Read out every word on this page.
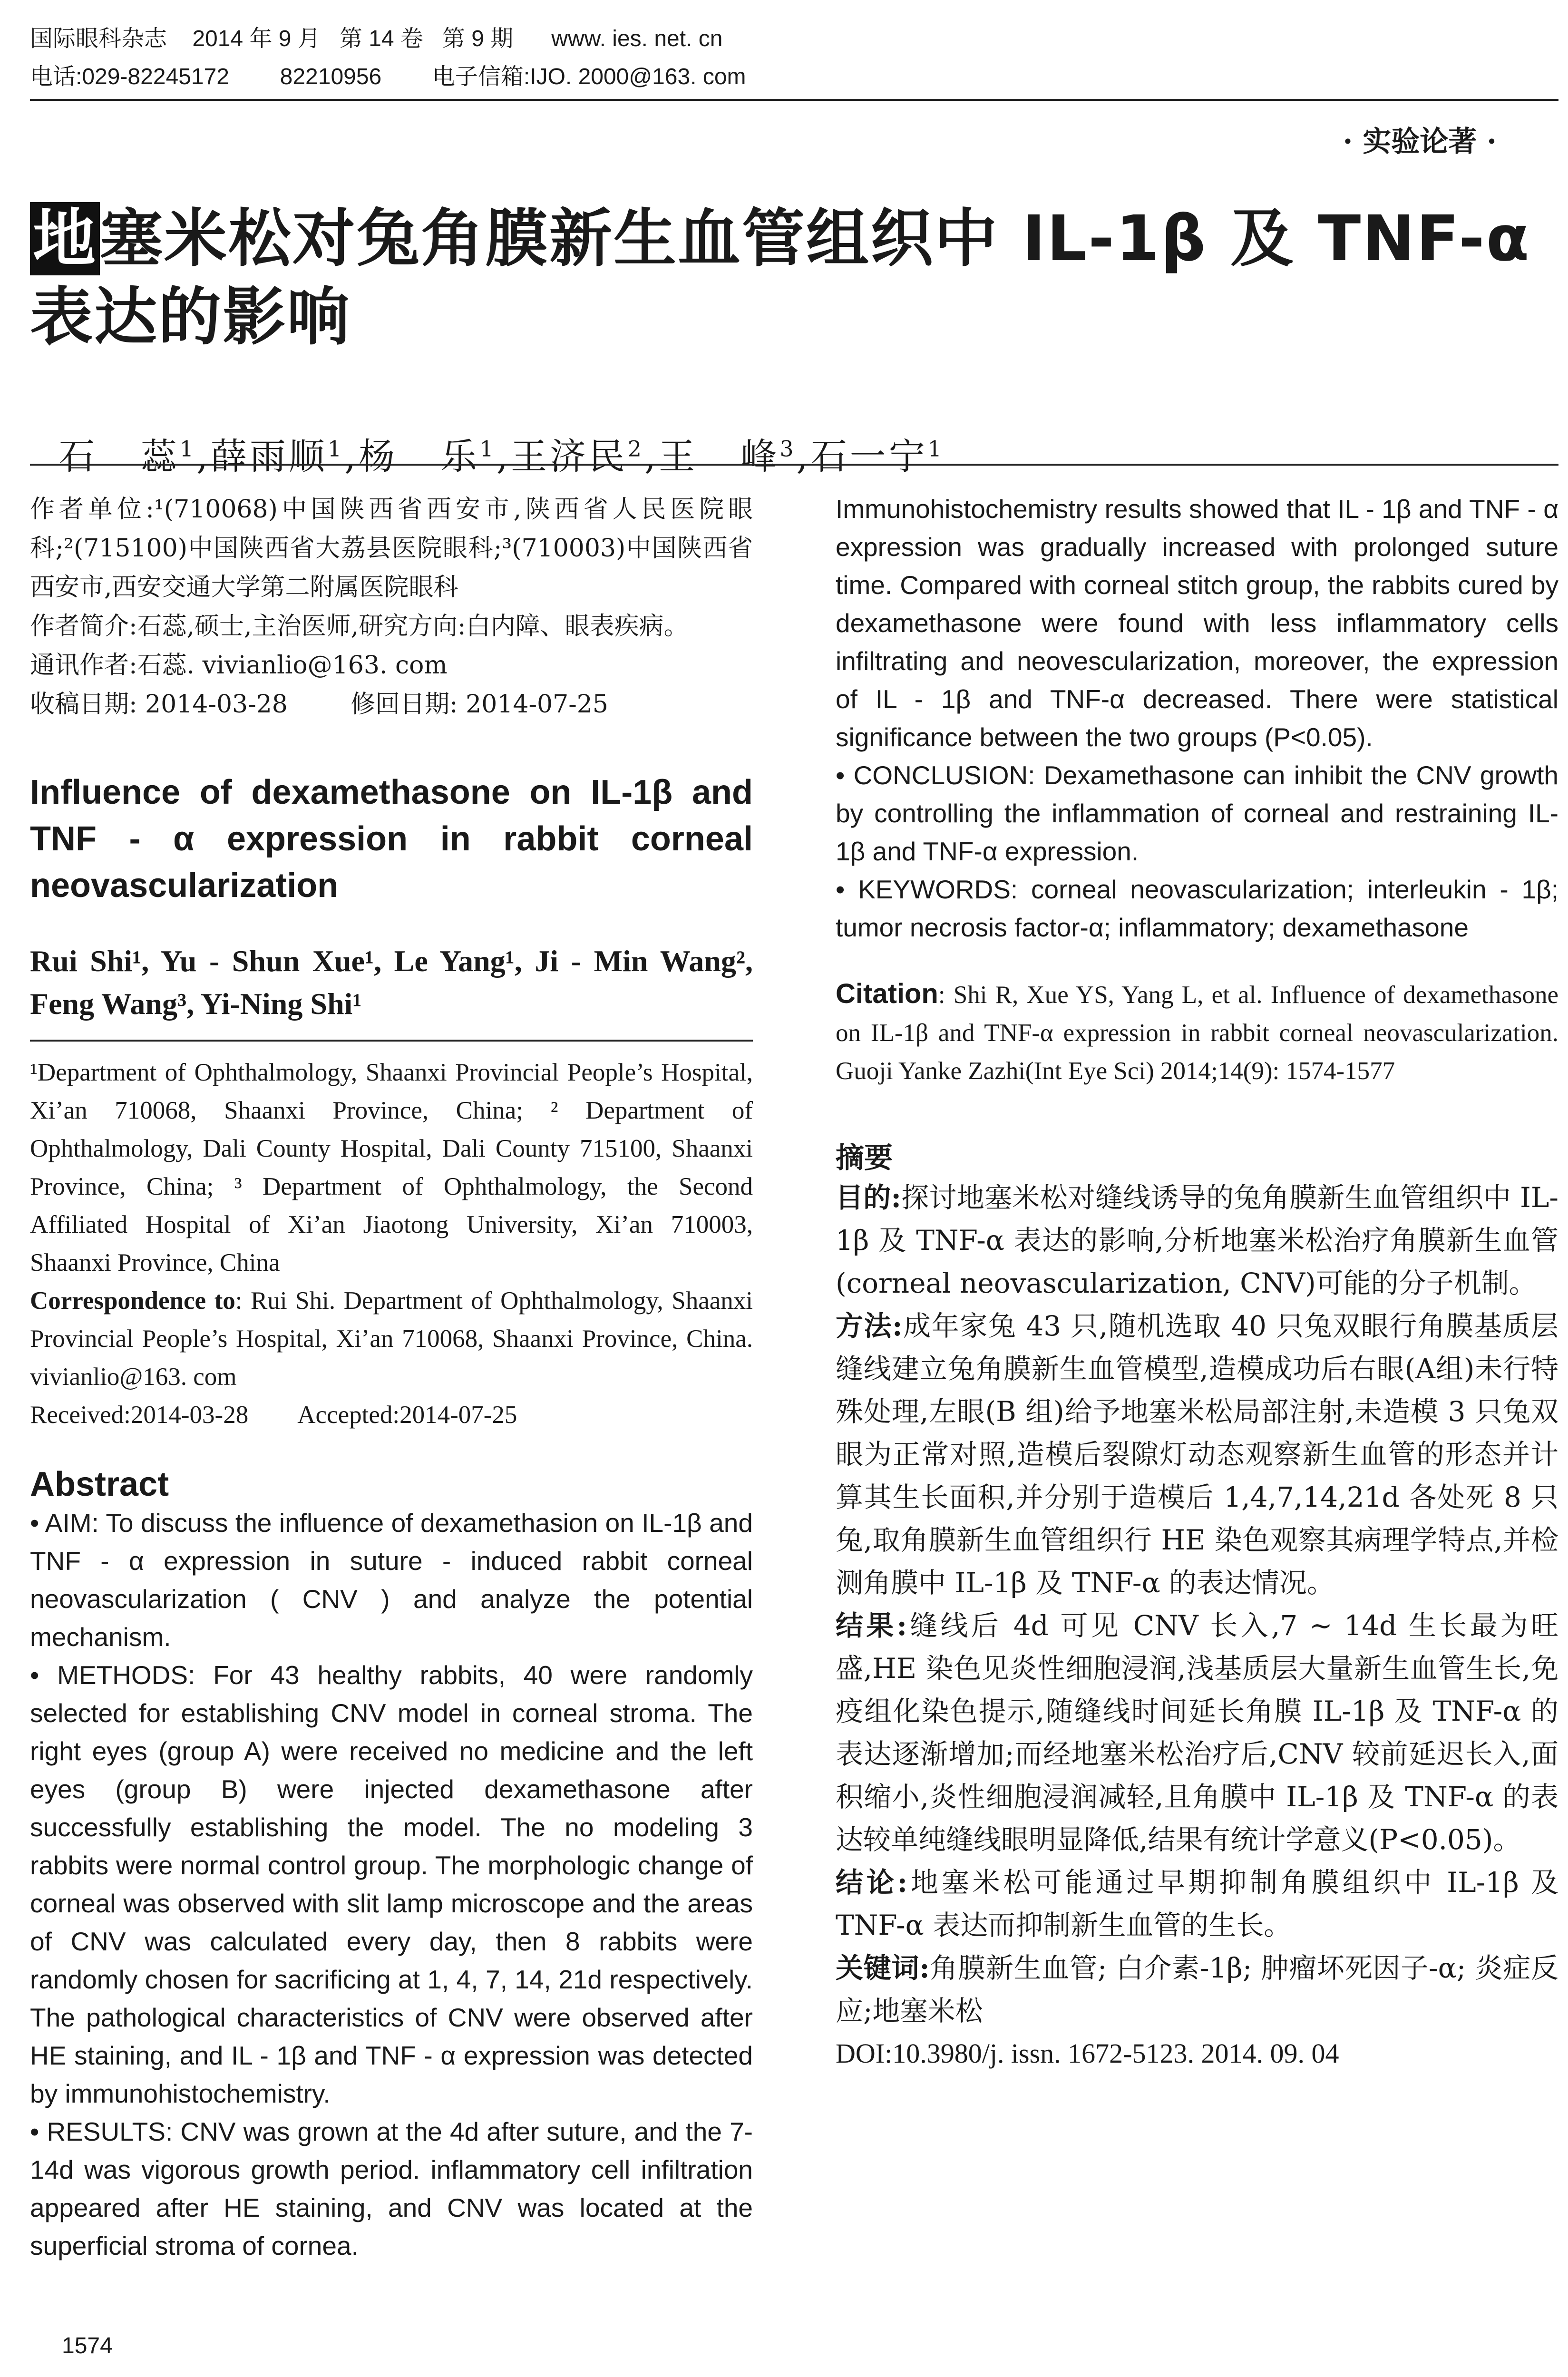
国际眼科杂志    2014 年 9 月   第 14 卷   第 9 期      www. ies. net. cn
电话:029-82245172        82210956        电子信箱:IJO. 2000@163. com
· 实验论著 ·
地塞米松对兔角膜新生血管组织中 IL-1β 及 TNF-α 表达的影响

石   蕊$^1$,薛雨顺$^1$,杨   乐$^1$,王济民$^2$,王   峰$^3$,石一宁$^1$

作者单位:¹(710068)中国陕西省西安市,陕西省人民医院眼科;²(715100)中国陕西省大荔县医院眼科;³(710003)中国陕西省西安市,西安交通大学第二附属医院眼科

作者简介:石蕊,硕士,主治医师,研究方向:白内障、眼表疾病。

通讯作者:石蕊. vivianlio@163. com

收稿日期: 2014-03-28        修回日期: 2014-07-25

Influence of dexamethasone on IL-1β and TNF - α expression in rabbit corneal neovascularization

Rui Shi¹, Yu - Shun Xue¹, Le Yang¹, Ji - Min Wang², Feng Wang³, Yi-Ning Shi¹

¹Department of Ophthalmology, Shaanxi Provincial People’s Hospital, Xi’an 710068, Shaanxi Province, China; ² Department of Ophthalmology, Dali County Hospital, Dali County 715100, Shaanxi Province, China; ³ Department of Ophthalmology, the Second Affiliated Hospital of Xi’an Jiaotong University, Xi’an 710003, Shaanxi Province, China

Correspondence to: Rui Shi. Department of Ophthalmology, Shaanxi Provincial People’s Hospital, Xi’an 710068, Shaanxi Province, China. vivianlio@163. com

Received:2014-03-28        Accepted:2014-07-25

Abstract

• AIM: To discuss the influence of dexamethasion on IL-1β and TNF - α expression in suture - induced rabbit corneal neovascularization ( CNV ) and analyze the potential mechanism.

• METHODS: For 43 healthy rabbits, 40 were randomly selected for establishing CNV model in corneal stroma. The right eyes (group A) were received no medicine and the left eyes (group B) were injected dexamethasone after successfully establishing the model. The no modeling 3 rabbits were normal control group. The morphologic change of corneal was observed with slit lamp microscope and the areas of CNV was calculated every day, then 8 rabbits were randomly chosen for sacrificing at 1, 4, 7, 14, 21d respectively. The pathological characteristics of CNV were observed after HE staining, and IL - 1β and TNF - α expression was detected by immunohistochemistry.

• RESULTS: CNV was grown at the 4d after suture, and the 7-14d was vigorous growth period. inflammatory cell infiltration appeared after HE staining, and CNV was located at the superficial stroma of cornea.

1574

Immunohistochemistry results showed that IL - 1β and TNF - α expression was gradually increased with prolonged suture time. Compared with corneal stitch group, the rabbits cured by dexamethasone were found with less inflammatory cells infiltrating and neovescularization, moreover, the expression of IL - 1β and TNF-α decreased. There were statistical significance between the two groups (P<0.05).

• CONCLUSION: Dexamethasone can inhibit the CNV growth by controlling the inflammation of corneal and restraining IL-1β and TNF-α expression.

• KEYWORDS: corneal neovascularization; interleukin - 1β; tumor necrosis factor-α; inflammatory; dexamethasone

Citation: Shi R, Xue YS, Yang L, et al. Influence of dexamethasone on IL-1β and TNF-α expression in rabbit corneal neovascularization. Guoji Yanke Zazhi(Int Eye Sci) 2014;14(9): 1574-1577

摘要

目的:探讨地塞米松对缝线诱导的兔角膜新生血管组织中 IL-1β 及 TNF-α 表达的影响,分析地塞米松治疗角膜新生血管(corneal neovascularization, CNV)可能的分子机制。

方法:成年家兔 43 只,随机选取 40 只兔双眼行角膜基质层缝线建立兔角膜新生血管模型,造模成功后右眼(A组)未行特殊处理,左眼(B 组)给予地塞米松局部注射,未造模 3 只兔双眼为正常对照,造模后裂隙灯动态观察新生血管的形态并计算其生长面积,并分别于造模后 1,4,7,14,21d 各处死 8 只兔,取角膜新生血管组织行 HE 染色观察其病理学特点,并检测角膜中 IL-1β 及 TNF-α 的表达情况。

结果:缝线后 4d 可见 CNV 长入,7 ~ 14d 生长最为旺盛,HE 染色见炎性细胞浸润,浅基质层大量新生血管生长,免疫组化染色提示,随缝线时间延长角膜 IL-1β 及 TNF-α 的表达逐渐增加;而经地塞米松治疗后,CNV 较前延迟长入,面积缩小,炎性细胞浸润减轻,且角膜中 IL-1β 及 TNF-α 的表达较单纯缝线眼明显降低,结果有统计学意义(P<0.05)。

结论:地塞米松可能通过早期抑制角膜组织中 IL-1β 及 TNF-α 表达而抑制新生血管的生长。

关键词:角膜新生血管; 白介素-1β; 肿瘤坏死因子-α; 炎症反应;地塞米松

DOI:10.3980/j. issn. 1672-5123. 2014. 09. 04
